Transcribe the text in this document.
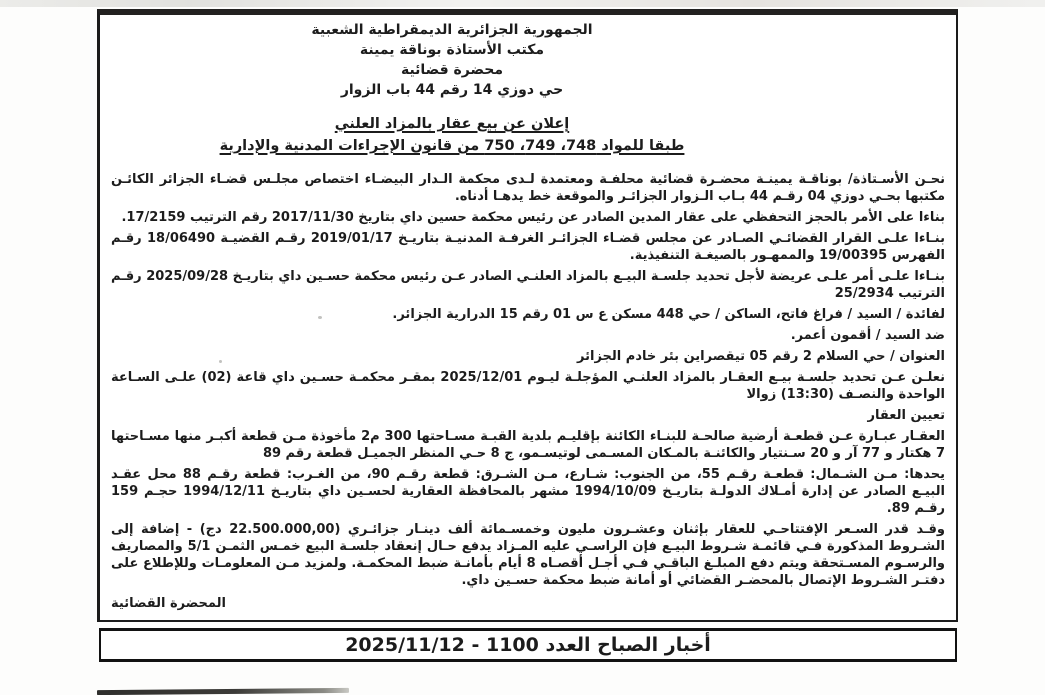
الجمهورية الجزائرية الديمقراطية الشعبية
مكتب الأستاذة بوناقة يمينة
محضرة قضائية
حي دوزي 14 رقم 44 باب الزوار
إعلان عن بيع عقار بالمزاد العلني
طبقا للمواد 748، 749، 750 من قانون الإجراءات المدنية والإدارية

نحـن الأسـتاذة/ بوناقـة يمينـة محضـرة قضائية محلفـة ومعتمدة لـدى محكمة الـدار البيضـاء اختصاص مجلـس قضـاء الجزائر الكائـن مكتبها بحـي دوزي 04 رقـم 44 بـاب الـزوار الجزائـر والموقعة خط يدهـا أدناه.

بناءا على الأمر بالحجز التحفظي على عقار المدين الصادر عن رئيس محكمة حسين داي بتاريخ 2017/11/30 رقم الترتيب 17/2159.

بنـاءا علـى القرار القضائـي الصـادر عن مجلس قضـاء الجزائـر الغرفـة المدنيـة بتاريـخ 2019/01/17 رقـم القضيـة 18/06490 رقـم الفهرس 19/00395 والممهـور بالصيغـة التنفيذية.

بنـاءا علـى أمر علـى عريضة لأجل تحديد جلسـة البيـع بالمزاد العلنـي الصادر عـن رئيس محكمة حسـين داي بتاريـخ 2025/09/28 رقـم الترتيب 25/2934

لفائدة / السيد / فراغ فاتح، الساكن / حي 448 مسكن ع س 01 رقم 15 الدرارية الجزائر.

ضد السيد / أقمون أعمر.

العنوان / حي السلام 2 رقم 05 تيقصراين بئر خادم الجزائر

نعلـن عـن تحديد جلسـة بيـع العقـار بالمزاد العلنـي المؤجلـة ليـوم 2025/12/01 بمقـر محكمـة حسـين داي قاعة (02) علـى السـاعة الواحدة والنصـف (13:30) زوالا

تعيين العقار

العقـار عبـارة عـن قطعـة أرضية صالحـة للبنـاء الكائنة بإقليـم بلدية القبـة مسـاحتها 300 م2 مأخوذة مـن قطعة أكبـر منها مسـاحتها 7 هكتار و 77 آر و 20 سـنتيار والكائنـة بالمـكان المسـمى لوتيسـمو، ج 8 حـي المنظر الجميـل قطعة رقم 89

يحدها: مـن الشـمال: قطعـة رقـم 55، من الجنوب: شـارع، مـن الشـرق: قطعة رقـم 90، من الغـرب: قطعة رقـم 88 محل عقـد البيـع الصادر عن إدارة أمـلاك الدولـة بتاريـخ 1994/10/09 مشهر بالمحافظة العقارية لحسـين داي بتاريـخ 1994/12/11 حجـم 159 رقـم 89.

وقـد قدر السـعر الإفتتاحـي للعقار بإثنان وعشـرون مليون وخمسـمائة ألف دينـار جزائـري (22.500.000,00 دج) - إضافة إلى الشـروط المذكورة فـي قائمـة شـروط البيـع فإن الراسـي عليه المـزاد يدفع حـال إنعقاد جلسـة البيع خمـس الثمـن 5/1 والمصاريف والرسـوم المسـتحقة ويتم دفع المبلـغ الباقـي فـي أجـل أقصـاه 8 أيام بأمانـة ضبط المحكمـة. ولمزيد مـن المعلومـات وللإطلاع على دفتـر الشـروط الإتصال بالمحضـر القضائي أو أمانة ضبط محكمة حسـين داي.

المحضرة القضائية
أخبار الصباح العدد 1100 - 2025/11/12
